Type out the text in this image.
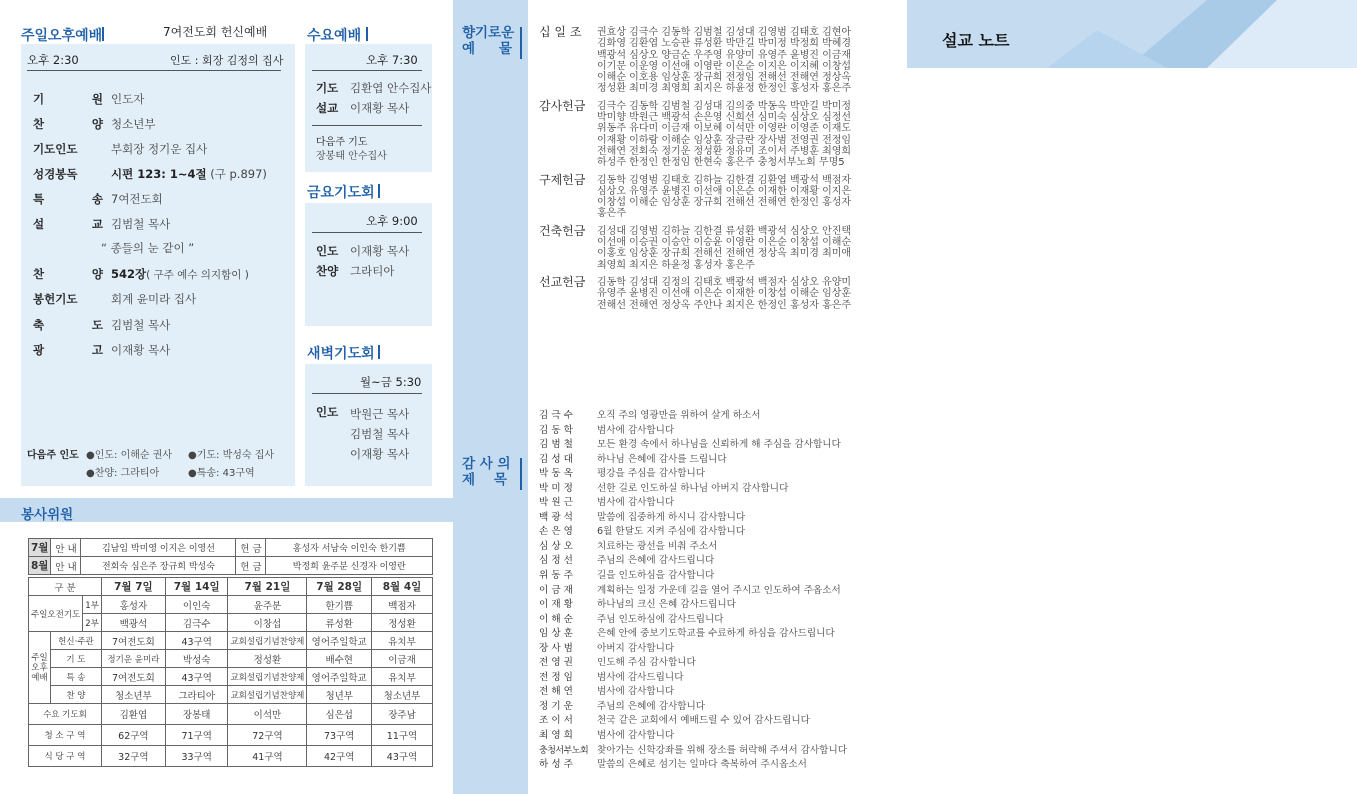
주일오후예배	7여전도회 헌신예배
오후 2:30	인도 : 회장 김정의 집사
기	원 인도자
찬	양 청소년부
기도인도	부회장 정기운 집사
성경봉독	시편 123: 1~4절 (구 p.897)
특	송 7여전도회
설	교 김범철 목사
“ 종들의 눈 같이 ”
찬	양 542장( 구주 예수 의지함이 )
봉헌기도	회계 윤미라 집사
축	도 김범철 목사
광	고 이재황 목사
다음주 인도 ●인도: 이해순 권사 ●기도: 박성숙 집사
●찬양: 그라티아	●특송: 43구역
수요예배
오후 7:30
기도	김환엽 안수집사
설교	이재황 목사
다음주 기도
장봉태 안수집사
금요기도회
오후 9:00
인도	이재황 목사
찬양	그라티아
새벽기도회
월~금 5:30
인도 박원근 목사
김범철 목사
이재황 목사
봉사위원
7월	안 내	김남임 박미영 이지은 이영선	헌 금	홍성자 서남숙 이인숙 한기쁨
8월	안 내	전회숙 심은주 장규희 박성숙	헌 금	박정희 윤주분 신경자 이영란
구 분			7월 7일	7월 14일	7월 21일	7월 28일	8월 4일
주일오전기도		1부	홍성자	이인숙	윤주분	한기쁨	백점자
		2부	백광석	김극수	이창섭	류성환	정성환

주일
오후
예배	헌신·주관		7여전도회	43구역	교회설립기념찬양제	영어주일학교	유치부
	기 도		정기운 윤미라	박성숙	정성환	배수현	이금재
	특 송		7여전도회	43구역	교회설립기념찬양제	영어주일학교	유치부
	찬 양		청소년부	그라티아	교회설립기념찬양제	청년부	청소년부
수요 기도회			김환엽	장봉태	이석만	심은섭	장주남
청 소 구 역			62구역	71구역	72구역	73구역	11구역
식 당 구 역			32구역	33구역	41구역	42구역	43구역
향기로운
예    물
감 사 의
제    목
십 일 조	권효상 김극수 김동학 김범철 김성대 김영범 김태호 김현아 김화영 김환엽 노승관 류성환 박만길 박미정 박정희 박혜경 백광석 심상오 양금순 우주영 유양미 유영주 윤병진 이금재 이기문 이운영 이선애 이영란 이은순 이지은 이지혜 이창섭 이해순 이호용 임상훈 장규희 전정임 전해선 전해연 정상옥 정성환 최미경 최영희 최지은 하윤정 한정인 홍성자 홍은주
감사헌금	김극수 김동학 김범철 김성대 김의중 박동옥 박만길 박미정 박미향 박원근 백광석 손은영 신희선 심미숙 심상오 심정선 위동주 유다미 이금재 이보혜 이석만 이영란 이영준 이재도 이재황 이하람 이해순 임상훈 장금란 장사범 전영권 전정임 전해연 전회숙 정기운 정성환 정유미 조이서 주병훈 최영희 하성주 한정인 한정임 한현숙 홍은주 충청서부노회 무명5
구제헌금	김동학 김영범 김태호 김하늘 김한결 김환엽 백광석 백점자 심상오 유영주 윤병진 이선애 이은순 이재한 이재황 이지은 이창섭 이해순 임상훈 장규희 전해선 전해연 한정인 홍성자 홍은주
건축헌금	김성대 김영범 김하늘 김한결 류성환 백광석 심상오 안진택 이선애 이승권 이승안 이승윤 이영란 이은순 이창섭 이해순 이홍호 임상훈 장규희 전해선 전해연 정상옥 최미경 최미애 최영희 최지은 하윤정 홍성자 홍은주
선교헌금	김동학 김성대 김정의 김태호 백광석 백점자 심상오 유양미 유영주 윤병진 이선애 이은순 이재한 이창섭 이해순 임상훈 전해선 전해연 정상옥 주안나 최지은 한정인 홍성자 홍은주
김 극 수	오직 주의 영광만을 위하여 살게 하소서
김 동 학	범사에 감사합니다
김 범 철	모든 환경 속에서 하나님을 신뢰하게 해 주심을 감사합니다
김 성 대	하나님 은혜에 감사를 드립니다
박 동 옥	평강을 주심을 감사합니다
박 미 정	선한 길로 인도하실 하나님 아버지 감사합니다
박 원 근	범사에 감사합니다
백 광 석	말씀에 집중하게 하시니 감사합니다
손 은 영	6월 한달도 지켜 주심에 감사합니다
심 상 오	치료하는 광선을 비춰 주소서
심 정 선	주님의 은혜에 감사드립니다
위 동 주	길을 인도하심을 감사합니다
이 금 재	계획하는 일정 가운데 길을 열어 주시고 인도하여 주옵소서
이 재 황	하나님의 크신 은혜 감사드립니다
이 해 순	주님 인도하심에 감사드립니다
임 상 훈	은혜 안에 중보기도학교를 수료하게 하심을 감사드립니다
장 사 범	아버지 감사합니다
전 영 권	인도해 주심 감사합니다
전 정 임	범사에 감사드립니다
전 해 연	범사에 감사합니다
정 기 운	주님의 은혜에 감사합니다
조 이 서	천국 같은 교회에서 예배드릴 수 있어 감사드립니다
최 영 희	범사에 감사합니다
충청서부노회 찾아가는 신학강좌를 위해 장소를 허락해 주셔서 감사합니다
하 성 주	말씀의 은혜로 섬기는 일마다 축복하여 주시옵소서
설교 노트
